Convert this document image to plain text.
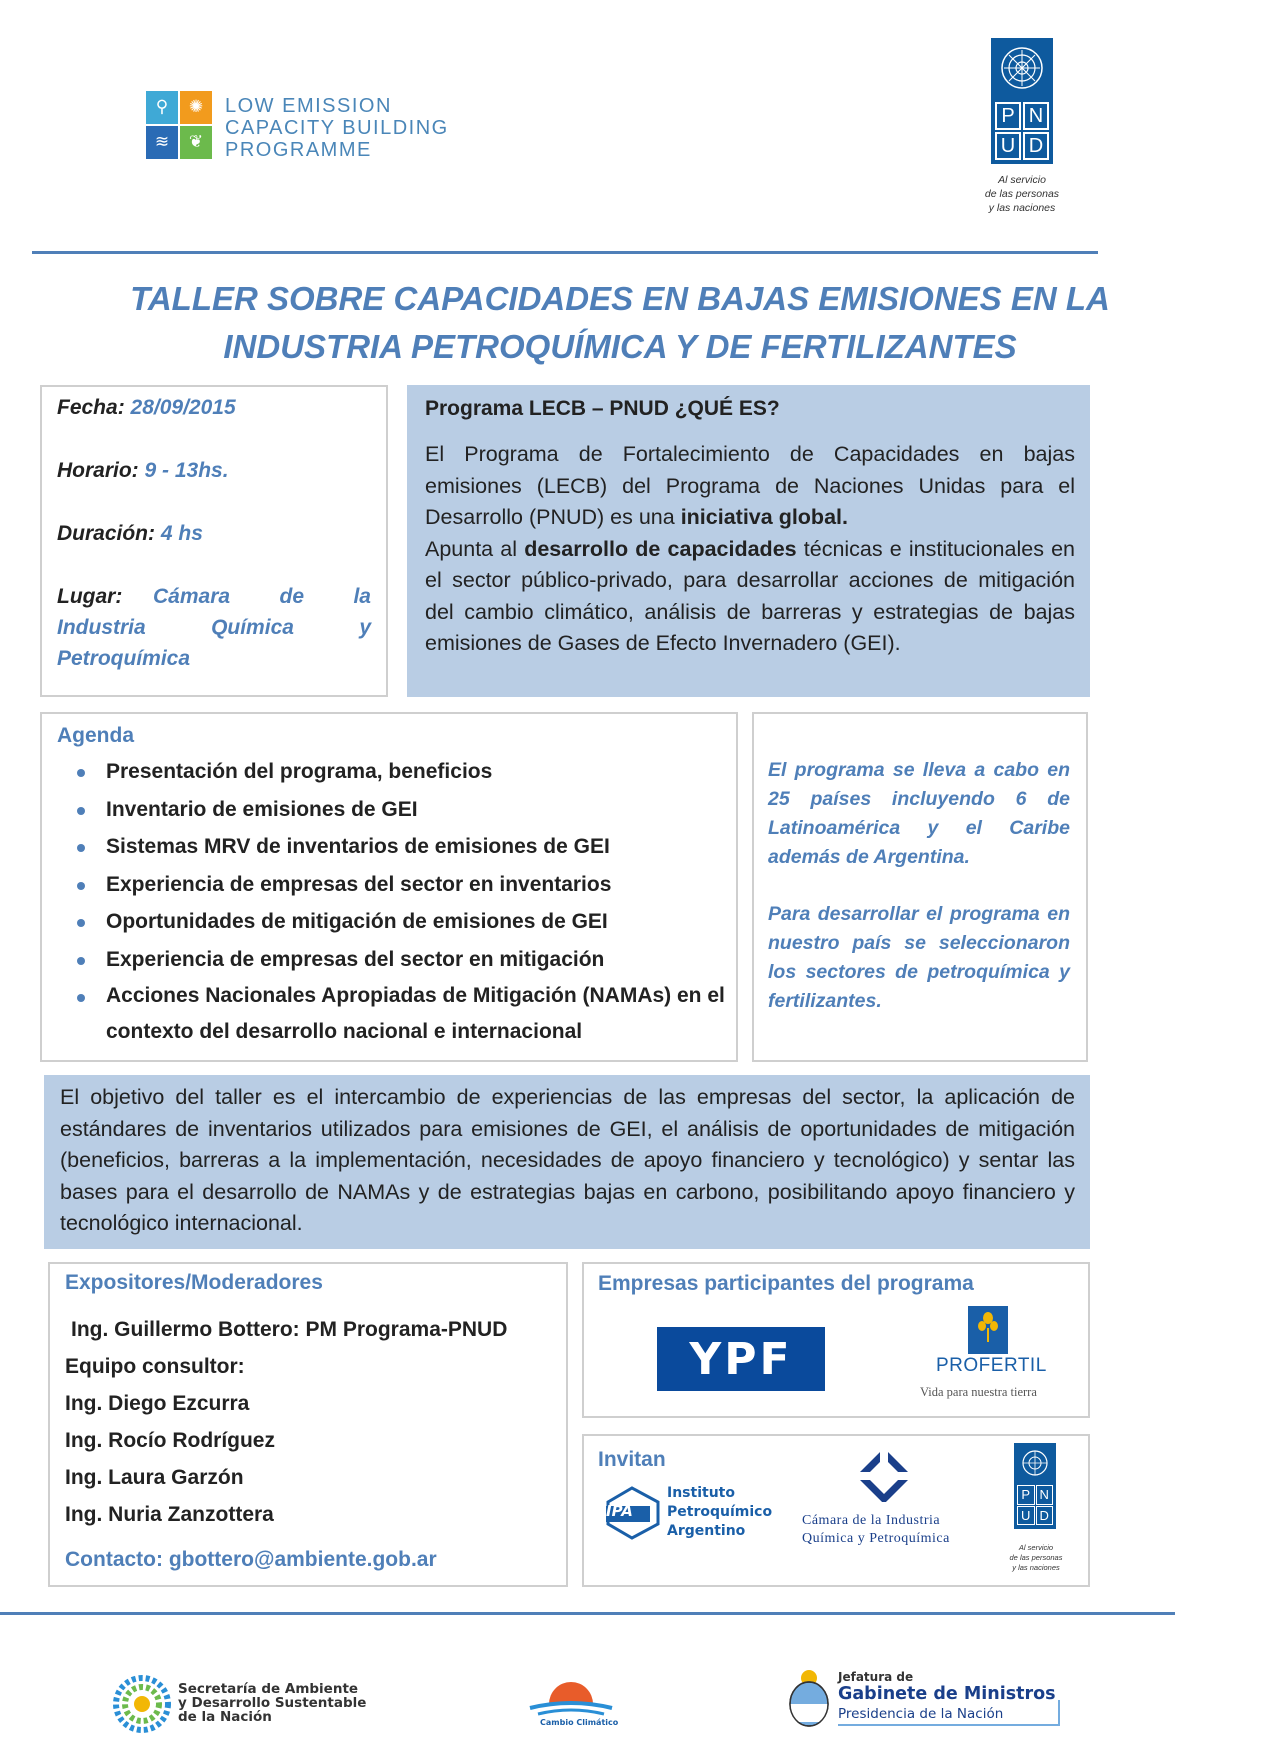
⚲	✺
≋	❦
LOW EMISSION
CAPACITY BUILDING
PROGRAMME
P N
U D
Al servicio
de las personas
y las naciones
TALLER SOBRE CAPACIDADES EN BAJAS EMISIONES EN LA
INDUSTRIA PETROQUÍMICA Y DE FERTILIZANTES
Fecha: 28/09/2015
Horario: 9 - 13hs.
Duración: 4 hs
Lugar: Cámara de la
Industria Química y
Petroquímica
Programa LECB – PNUD ¿QUÉ ES?
El Programa de Fortalecimiento de Capacidades en bajas emisiones (LECB) del Programa de Naciones Unidas para el Desarrollo (PNUD) es una iniciativa global.
Apunta al desarrollo de capacidades técnicas e institucionales en el sector público-privado, para desarrollar acciones de mitigación del cambio climático, análisis de barreras y estrategias de bajas emisiones de Gases de Efecto Invernadero (GEI).
Agenda
Presentación del programa, beneficios
Inventario de emisiones de GEI
Sistemas MRV de inventarios de emisiones de GEI
Experiencia de empresas del sector en inventarios
Oportunidades de mitigación de emisiones de GEI
Experiencia de empresas del sector en mitigación
Acciones Nacionales Apropiadas de Mitigación (NAMAs) en el contexto del desarrollo nacional e internacional
El programa se lleva a cabo en 25 países incluyendo 6 de Latinoamérica y el Caribe además de Argentina.
Para desarrollar el programa en nuestro país se seleccionaron los sectores de petroquímica y fertilizantes.
El objetivo del taller es el intercambio de experiencias de las empresas del sector, la aplicación de estándares de inventarios utilizados para emisiones de GEI, el análisis de oportunidades de mitigación (beneficios, barreras a la implementación, necesidades de apoyo financiero y tecnológico) y sentar las bases para el desarrollo de NAMAs y de estrategias bajas en carbono, posibilitando apoyo financiero y tecnológico internacional.
Expositores/Moderadores
Ing. Guillermo Bottero: PM Programa-PNUD
Equipo consultor:
Ing. Diego Ezcurra
Ing. Rocío Rodríguez
Ing. Laura Garzón
Ing. Nuria Zanzottera
Contacto: gbottero@ambiente.gob.ar
Empresas participantes del programa
YPF	PROFERTIL
Vida para nuestra tierra
Invitan
IPA
Instituto
Petroquímico
Argentino
Cámara de la Industria
Química y Petroquímica
P N
U D
Al servicio
de las personas
y las naciones
Secretaría de Ambiente
y Desarrollo Sustentable
de la Nación	Cambio Climático
Jefatura de
Gabinete de Ministros
Presidencia de la Nación
